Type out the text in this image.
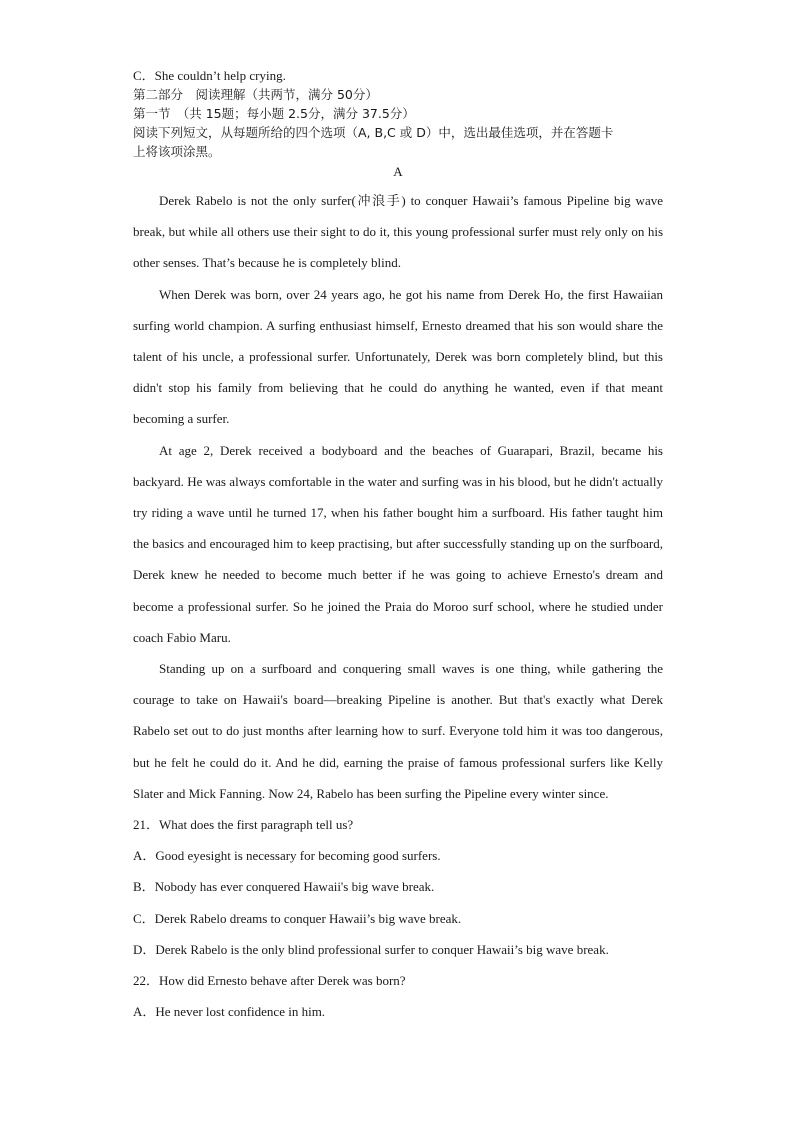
C．She couldn’t help crying.
第二部分　阅读理解（共两节，满分 50分）
第一节　（共 15题；每小题 2.5分，满分 37.5分）
阅读下列短文，从每题所给的四个选项（A, B,C 或 D）中，选出最佳选项，并在答题卡
上将该项涂黑。
A

Derek Rabelo is not the only surfer(冲浪手) to conquer Hawaii’s famous Pipeline big wave break, but while all others use their sight to do it, this young professional surfer must rely only on his other senses. That’s because he is completely blind.

When Derek was born, over 24 years ago, he got his name from Derek Ho, the first Hawaiian surfing world champion. A surfing enthusiast himself, Ernesto dreamed that his son would share the talent of his uncle, a professional surfer. Unfortunately, Derek was born completely blind, but this didn't stop his family from believing that he could do anything he wanted, even if that meant becoming a surfer.

At age 2, Derek received a bodyboard and the beaches of Guarapari, Brazil, became his backyard. He was always comfortable in the water and surfing was in his blood, but he didn't actually try riding a wave until he turned 17, when his father bought him a surfboard. His father taught him the basics and encouraged him to keep practising, but after successfully standing up on the surfboard, Derek knew he needed to become much better if he was going to achieve Ernesto's dream and become a professional surfer. So he joined the Praia do Moroo surf school, where he studied under coach Fabio Maru.

Standing up on a surfboard and conquering small waves is one thing, while gathering the courage to take on Hawaii's board—breaking Pipeline is another. But that's exactly what Derek Rabelo set out to do just months after learning how to surf. Everyone told him it was too dangerous, but he felt he could do it. And he did, earning the praise of famous professional surfers like Kelly Slater and Mick Fanning. Now 24, Rabelo has been surfing the Pipeline every winter since.

21．What does the first paragraph tell us?
A．Good eyesight is necessary for becoming good surfers.
B．Nobody has ever conquered Hawaii's big wave break.
C．Derek Rabelo dreams to conquer Hawaii’s big wave break.
D．Derek Rabelo is the only blind professional surfer to conquer Hawaii’s big wave break.
22．How did Ernesto behave after Derek was born?
A．He never lost confidence in him.
